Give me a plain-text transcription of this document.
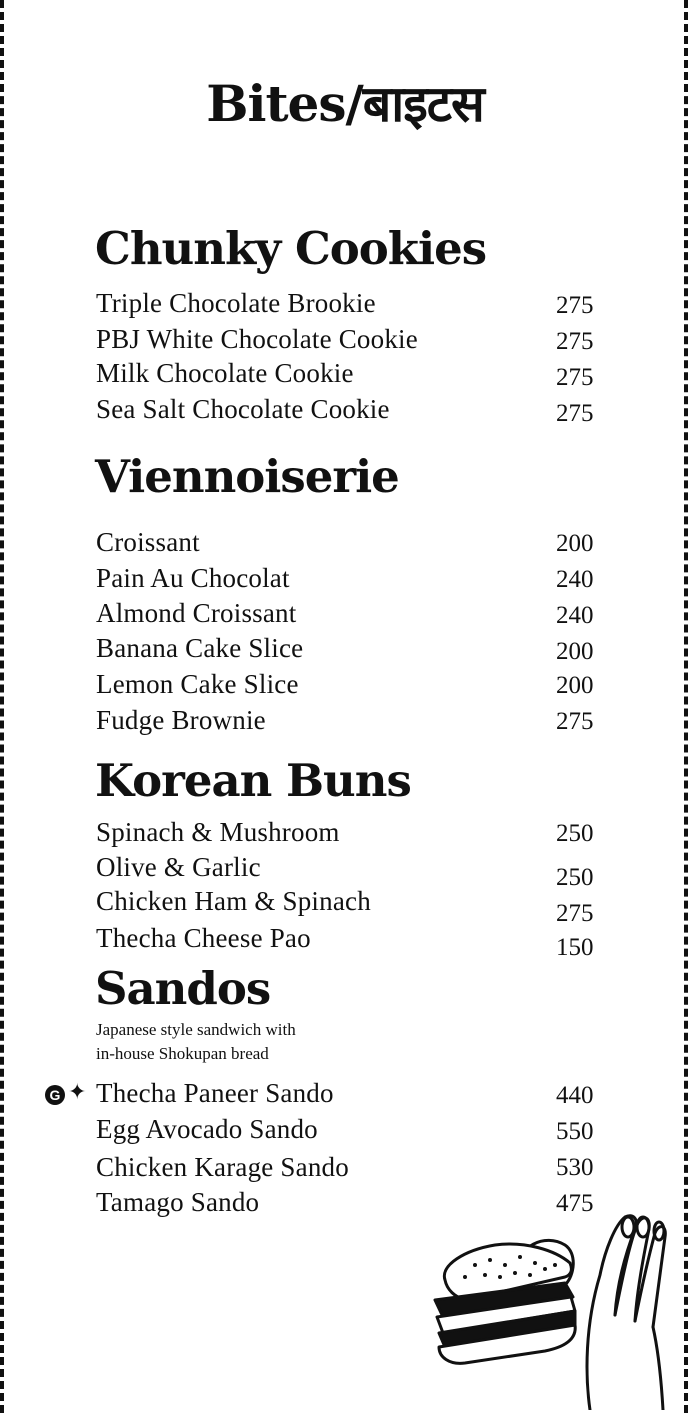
Bites/बाइटस
Chunky Cookies
Triple Chocolate Brookie	275
PBJ White Chocolate Cookie	275
Milk Chocolate Cookie	275
Sea Salt Chocolate Cookie	275
Viennoiserie
Croissant	200
Pain Au Chocolat	240
Almond Croissant	240
Banana Cake Slice	200
Lemon Cake Slice	200
Fudge Brownie	275
Korean Buns
Spinach & Mushroom	250
Olive & Garlic	250
Chicken Ham & Spinach	275
Thecha Cheese Pao	150
Sandos
Japanese style sandwich with
in-house Shokupan bread
G ✦ Thecha Paneer Sando	440
Egg Avocado Sando	550
Chicken Karage Sando	530
Tamago Sando	475
